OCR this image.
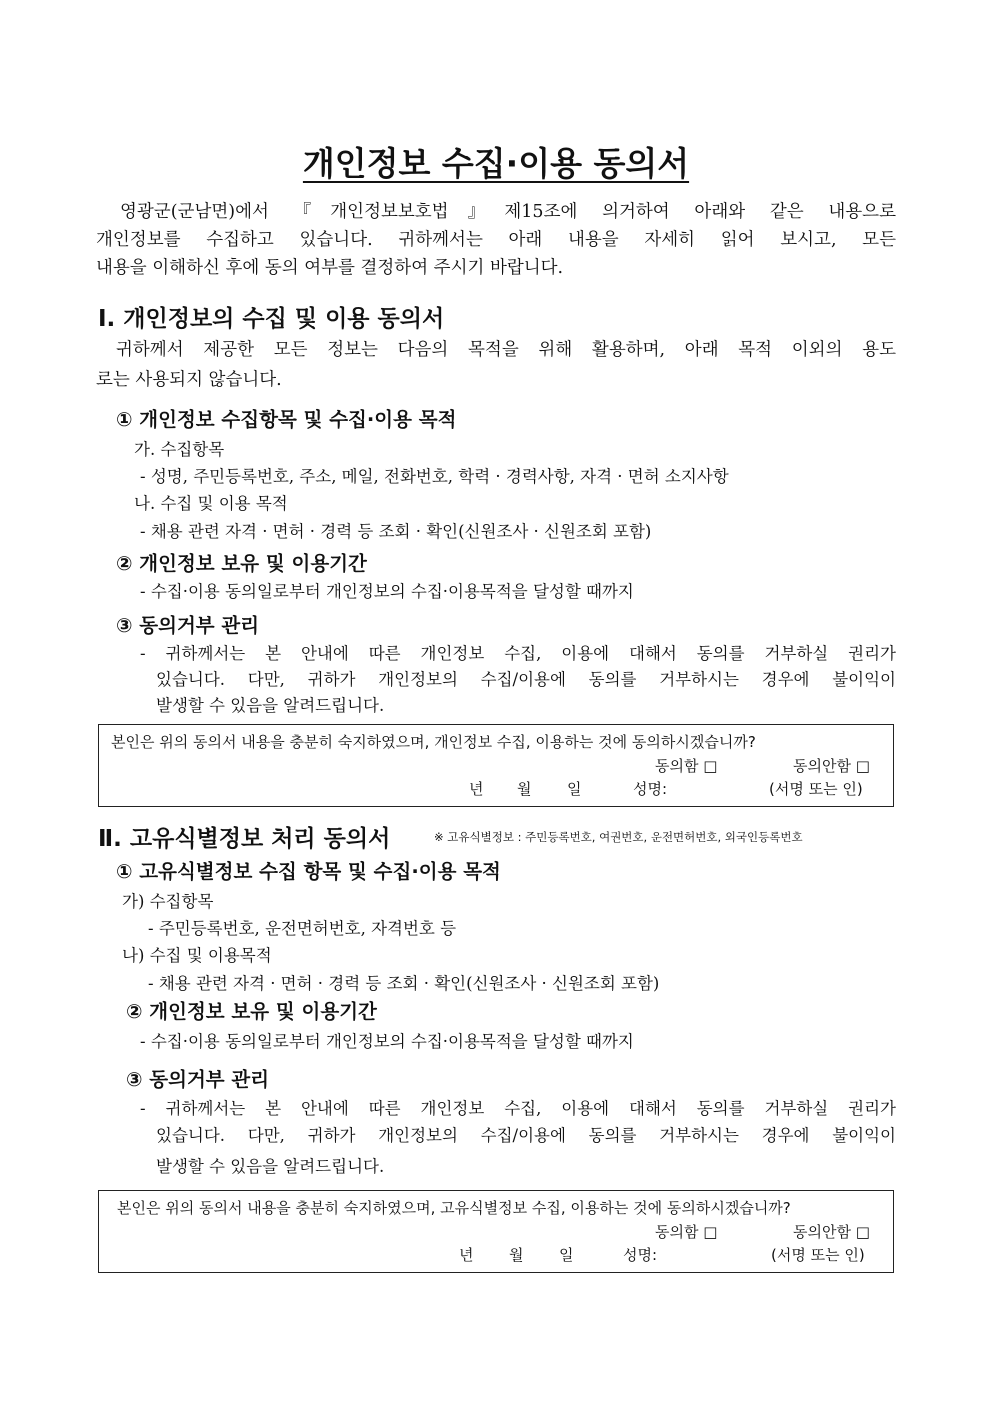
개인정보 수집·이용 동의서
영광군(군남면)에서 『개인정보보호법』제15조에 의거하여 아래와 같은 내용으로
개인정보를 수집하고 있습니다. 귀하께서는 아래 내용을 자세히 읽어 보시고, 모든
내용을 이해하신 후에 동의 여부를 결정하여 주시기 바랍니다.
Ⅰ. 개인정보의 수집 및 이용 동의서
귀하께서 제공한 모든 정보는 다음의 목적을 위해 활용하며, 아래 목적 이외의 용도
로는 사용되지 않습니다.
① 개인정보 수집항목 및 수집·이용 목적
가. 수집항목
- 성명, 주민등록번호, 주소, 메일, 전화번호, 학력 · 경력사항, 자격 · 면허 소지사항
나. 수집 및 이용 목적
- 채용 관련 자격 · 면허 · 경력 등 조회 · 확인(신원조사 · 신원조회 포함)
② 개인정보 보유 및 이용기간
- 수집·이용 동의일로부터 개인정보의 수집·이용목적을 달성할 때까지
③ 동의거부 관리
- 귀하께서는 본 안내에 따른 개인정보 수집, 이용에 대해서 동의를 거부하실 권리가
있습니다. 다만, 귀하가 개인정보의 수집/이용에 동의를 거부하시는 경우에 불이익이
발생할 수 있음을 알려드립니다.
본인은 위의 동의서 내용을 충분히 숙지하였으며, 개인정보 수집, 이용하는 것에 동의하시겠습니까?
동의함 □	동의안함 □
년 월 일	성명:	(서명 또는 인)
Ⅱ. 고유식별정보 처리 동의서	※ 고유식별정보 : 주민등록번호, 여권번호, 운전면허번호, 외국인등록번호
① 고유식별정보 수집 항목 및 수집·이용 목적
가) 수집항목
- 주민등록번호, 운전면허번호, 자격번호 등
나) 수집 및 이용목적
- 채용 관련 자격 · 면허 · 경력 등 조회 · 확인(신원조사 · 신원조회 포함)
② 개인정보 보유 및 이용기간
- 수집·이용 동의일로부터 개인정보의 수집·이용목적을 달성할 때까지
③ 동의거부 관리
- 귀하께서는 본 안내에 따른 개인정보 수집, 이용에 대해서 동의를 거부하실 권리가
있습니다. 다만, 귀하가 개인정보의 수집/이용에 동의를 거부하시는 경우에 불이익이
발생할 수 있음을 알려드립니다.
본인은 위의 동의서 내용을 충분히 숙지하였으며, 고유식별정보 수집, 이용하는 것에 동의하시겠습니까?
동의함 □	동의안함 □
년 월 일	성명:	(서명 또는 인)
